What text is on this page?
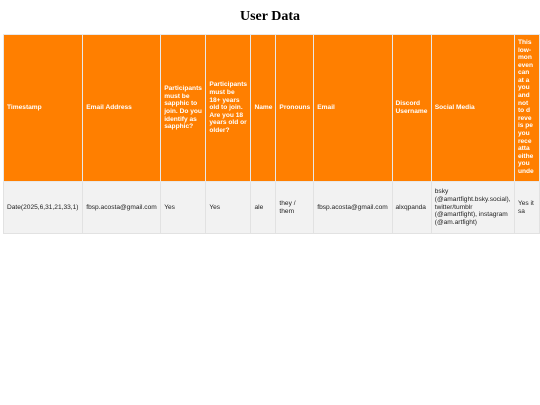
User Data
Timestamp	Email Address	Participants must be sapphic to join. Do you identify as sapphic?	Participants must be 18+ years old to join. Are you 18 years old or older?	Name	Pronouns	Email	Discord Username	Social Media	This low-mon even can at a you and not to d reve is pe you rece atta eithe you unde
Date(2025,6,31,21,33,1)	fbsp.acosta@gmail.com	Yes	Yes	ale	they / them	fbsp.acosta@gmail.com	alxqpanda	bsky (@amartfight.bsky.social), twitter/tumblr (@amartfight), instagram (@am.artfight)	Yes it sa
